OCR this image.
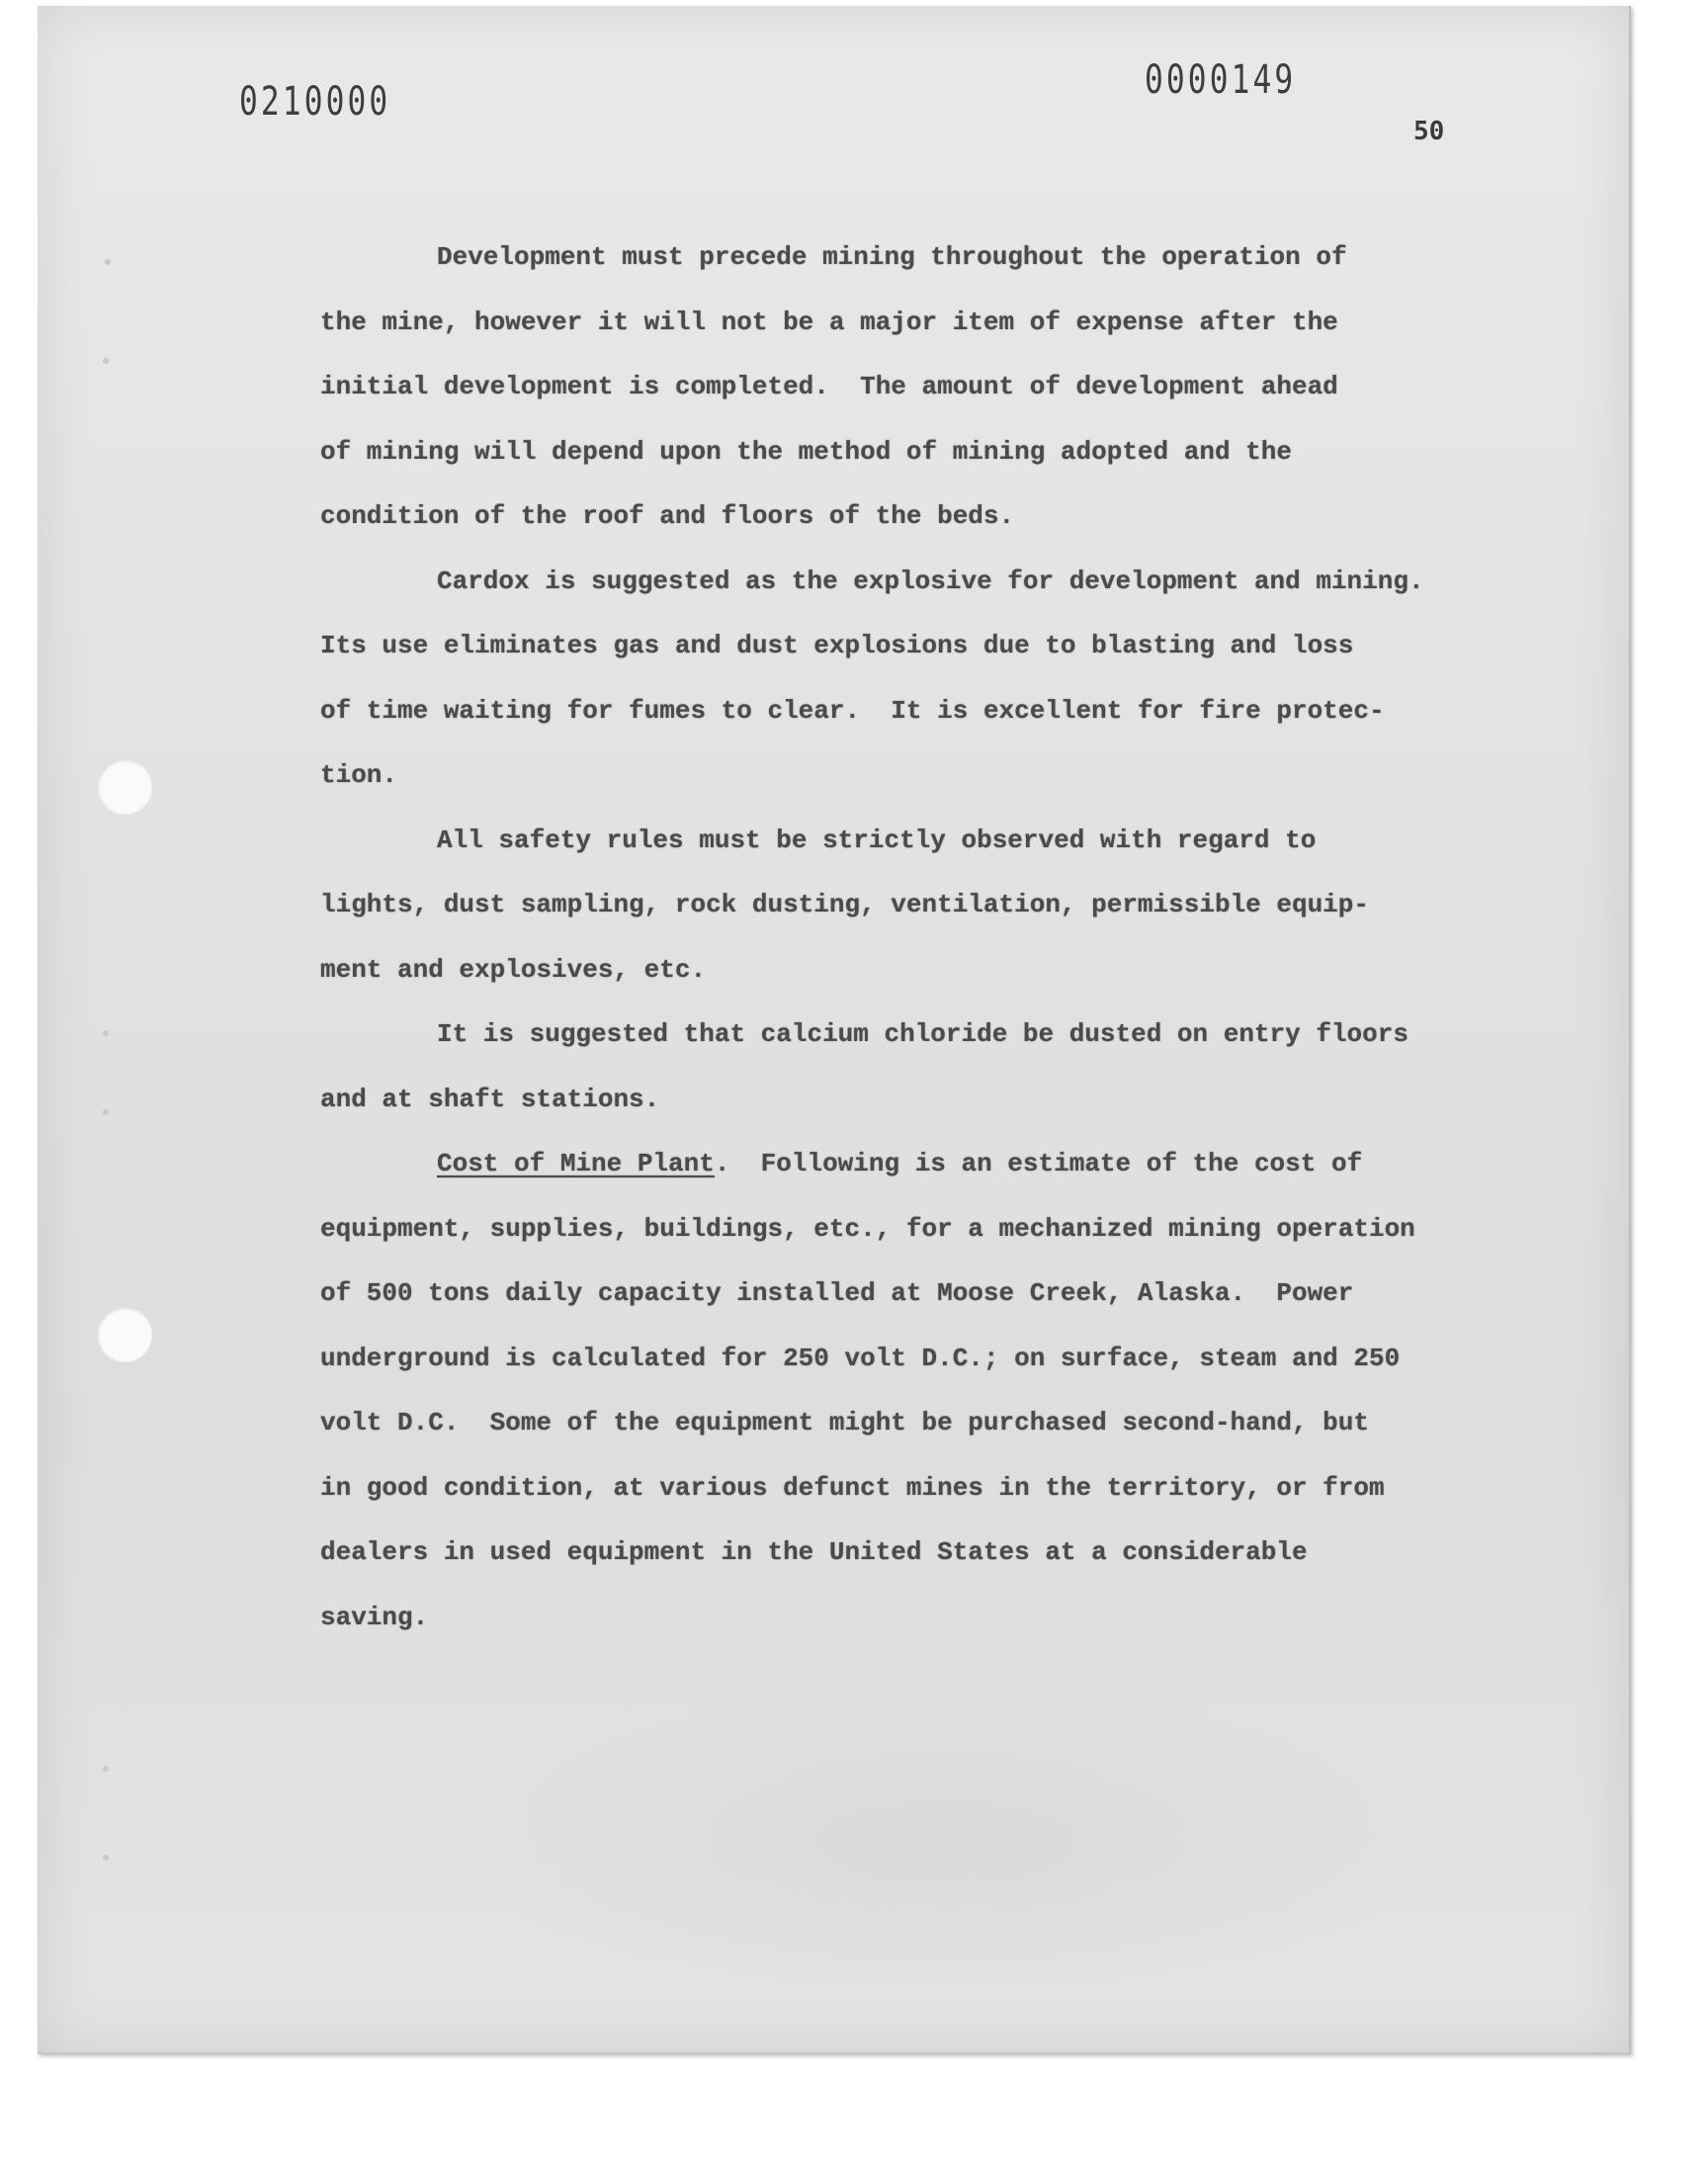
0210000	0000149
50
Development must precede mining throughout the operation of
the mine, however it will not be a major item of expense after the
initial development is completed.  The amount of development ahead
of mining will depend upon the method of mining adopted and the
condition of the roof and floors of the beds.
Cardox is suggested as the explosive for development and mining.
Its use eliminates gas and dust explosions due to blasting and loss
of time waiting for fumes to clear.  It is excellent for fire protec-
tion.
All safety rules must be strictly observed with regard to
lights, dust sampling, rock dusting, ventilation, permissible equip-
ment and explosives, etc.
It is suggested that calcium chloride be dusted on entry floors
and at shaft stations.
Cost of Mine Plant.  Following is an estimate of the cost of
equipment, supplies, buildings, etc., for a mechanized mining operation
of 500 tons daily capacity installed at Moose Creek, Alaska.  Power
underground is calculated for 250 volt D.C.; on surface, steam and 250
volt D.C.  Some of the equipment might be purchased second-hand, but
in good condition, at various defunct mines in the territory, or from
dealers in used equipment in the United States at a considerable
saving.
